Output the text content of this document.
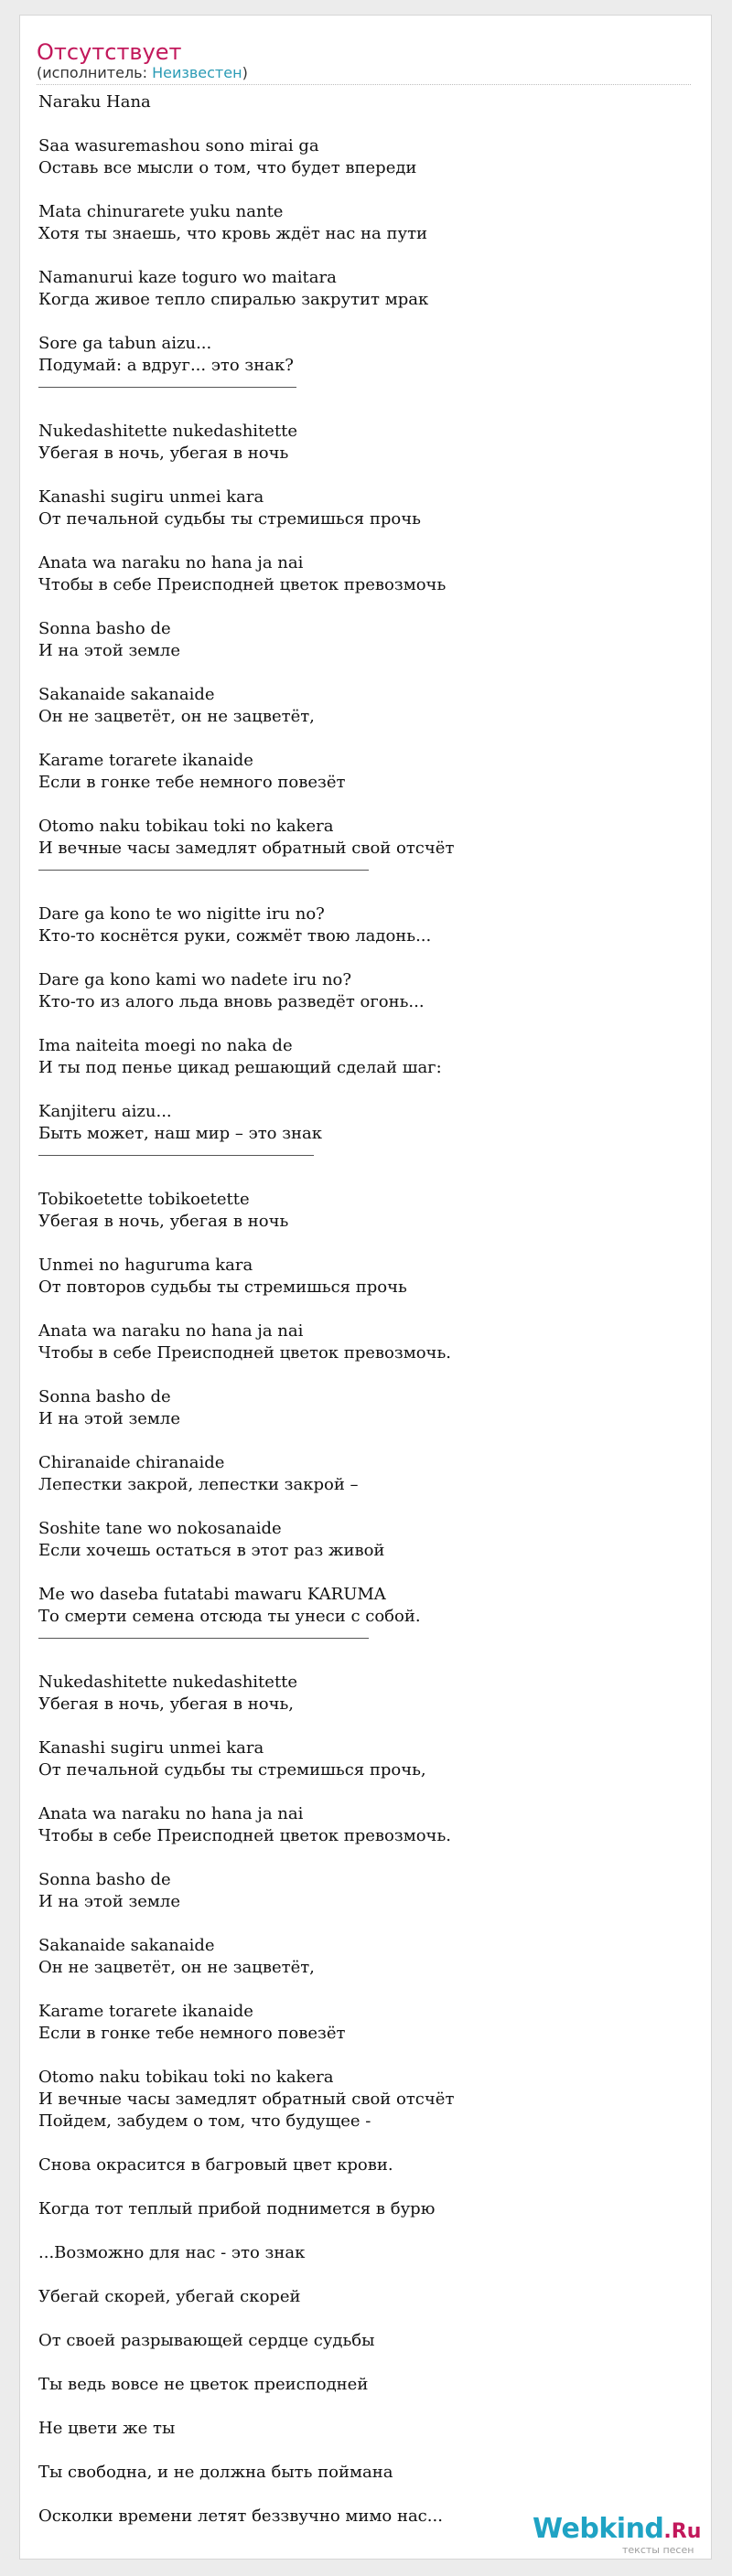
Отсутствует
(исполнитель: Неизвестен)
Naraku Hana
Saa wasuremashou sono mirai ga
Оставь все мысли о том, что будет впереди
Mata chinurarete yuku nante
Хотя ты знаешь, что кровь ждёт нас на пути
Namanurui kaze toguro wo maitara
Когда живое тепло спиралью закрутит мрак
Sore ga tabun aizu...
Подумай: а вдруг... это знак?
Nukedashitette nukedashitette
Убегая в ночь, убегая в ночь
Kanashi sugiru unmei kara
От печальной судьбы ты стремишься прочь
Anata wa naraku no hana ja nai
Чтобы в себе Преисподней цветок превозмочь
Sonna basho de
И на этой земле
Sakanaide sakanaide
Он не зацветёт, он не зацветёт,
Karame torarete ikanaide
Если в гонке тебе немного повезёт
Otomo naku tobikau toki no kakera
И вечные часы замедлят обратный свой отсчёт
Dare ga kono te wo nigitte iru no?
Кто-то коснётся руки, сожмёт твою ладонь...
Dare ga kono kami wo nadete iru no?
Кто-то из алого льда вновь разведёт огонь...
Ima naiteita moegi no naka de
И ты под пенье цикад решающий сделай шаг:
Kanjiteru aizu...
Быть может, наш мир – это знак
Tobikoetette tobikoetette
Убегая в ночь, убегая в ночь
Unmei no haguruma kara
От повторов судьбы ты стремишься прочь
Anata wa naraku no hana ja nai
Чтобы в себе Преисподней цветок превозмочь.
Sonna basho de
И на этой земле
Chiranaide chiranaide
Лепестки закрой, лепестки закрой –
Soshite tane wo nokosanaide
Если хочешь остаться в этот раз живой
Me wo daseba futatabi mawaru KARUMA
То смерти семена отсюда ты унеси с собой.
Nukedashitette nukedashitette
Убегая в ночь, убегая в ночь,
Kanashi sugiru unmei kara
От печальной судьбы ты стремишься прочь,
Anata wa naraku no hana ja nai
Чтобы в себе Преисподней цветок превозмочь.
Sonna basho de
И на этой земле
Sakanaide sakanaide
Он не зацветёт, он не зацветёт,
Karame torarete ikanaide
Если в гонке тебе немного повезёт
Otomo naku tobikau toki no kakera
И вечные часы замедлят обратный свой отсчёт
Пойдем, забудем о том, что будущее -
Снова окрасится в багровый цвет крови.
Когда тот теплый прибой поднимется в бурю
...Возможно для нас - это знак
Убегай скорей, убегай скорей
От своей разрывающей сердце судьбы
Ты ведь вовсе не цветок преисподней
Не цвети же ты
Ты свободна, и не должна быть поймана
Осколки времени летят беззвучно мимо нас...	Webkind.Ru
тексты песен
